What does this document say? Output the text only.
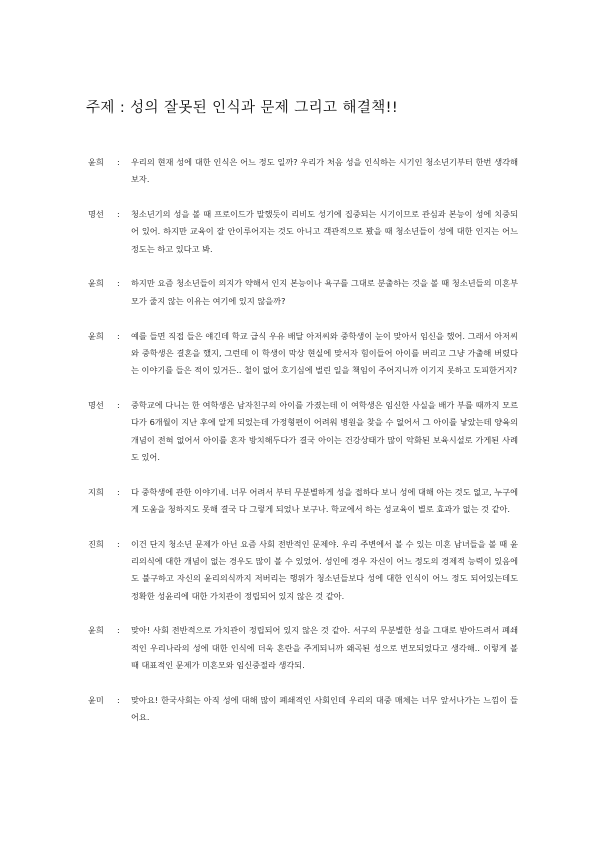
주제 : 성의 잘못된 인식과 문제 그리고 해결책!!
윤희	:	우리의 현재 성에 대한 인식은 어느 정도 일까? 우리가 처음 성을 인식하는 시기인 청소년기부터 한번 생각해보자.
명선	:	청소년기의 성을 볼 때 프로이드가 말했듯이 리비도 성기에 집중되는 시기이므로 관심과 본능이 성에 치중되어 있어. 하지만 교육이 잘 안이루어지는 것도 아니고 객관적으로 봤을 때 청소년들이 성에 대한 인지는 어느 정도는 하고 있다고 봐.
윤희	:	하지만 요즘 청소년들이 의지가 약해서 인지 본능이나 욕구를 그대로 분출하는 것을 볼 때 청소년들의 미혼부모가 줄지 않는 이유는 여기에 있지 않을까?
윤희	:	예를 들면 직접 들은 얘긴데 학교 급식 우유 배달 아저씨와 중학생이 눈이 맞아서 임신을 했어. 그래서 아저씨와 중학생은 결혼을 했지, 그런데 이 학생이 막상 현실에 맞서자 힘이들어 아이를 버리고 그냥 가출해 버렸다는 이야기를 들은 적이 있거든.. 철이 없어 호기심에 벌린 일을 책임이 주어지니까 이기지 못하고 도피한거지?
명선	:	중학교에 다니는 한 여학생은 남자친구의 아이를 가졌는데 이 여학생은 임신한 사실을 배가 부를 때까지 모르다가 6개월이 지난 후에 알게 되었는데 가정형편이 어려워 병원을 찾을 수 없어서 그 아이를 낳았는데 양육의 개념이 전혀 없어서 아이를 혼자 방치해두다가 결국 아이는 건강상태가 많이 악화된 보육시설로 가게된 사례도 있어.
지희	:	다 중학생에 관한 이야기네. 너무 어려서 부터 무분별하게 성을 접하다 보니 성에 대해 아는 것도 없고, 누구에게 도움을 청하지도 못해 결국 다 그렇게 되었나 보구나. 학교에서 하는 성교육이 별로 효과가 없는 것 같아.
진희	:	이건 단지 청소년 문제가 아닌 요즘 사회 전반적인 문제야. 우리 주변에서 볼 수 있는 미혼 남녀들을 볼 때 윤리의식에 대한 개념이 없는 경우도 많이 볼 수 있었어. 성인에 경우 자신이 어느 정도의 경제적 능력이 있음에도 불구하고 자신의 윤리의식까지 저버리는 행위가 청소년들보다 성에 대한 인식이 어느 정도 되어있는데도 정확한 성윤리에 대한 가치관이 정립되어 있지 않은 것 같아.
윤희	:	맞아! 사회 전반적으로 가치관이 정립되어 있지 않은 것 같아. 서구의 무분별한 성을 그대로 받아드려서 폐쇄적인 우리나라의 성에 대한 인식에 더욱 혼란을 주게되니까 왜곡된 성으로 번모되었다고 생각해.. 이렇게 볼 때 대표적인 문제가 미혼모와 임신중절라 생각되.
윤미	:	맞아요! 한국사회는 아직 성에 대해 많이 폐쇄적인 사회인데 우리의 대중 매체는 너무 앞서나가는 느낌이 들어요.
